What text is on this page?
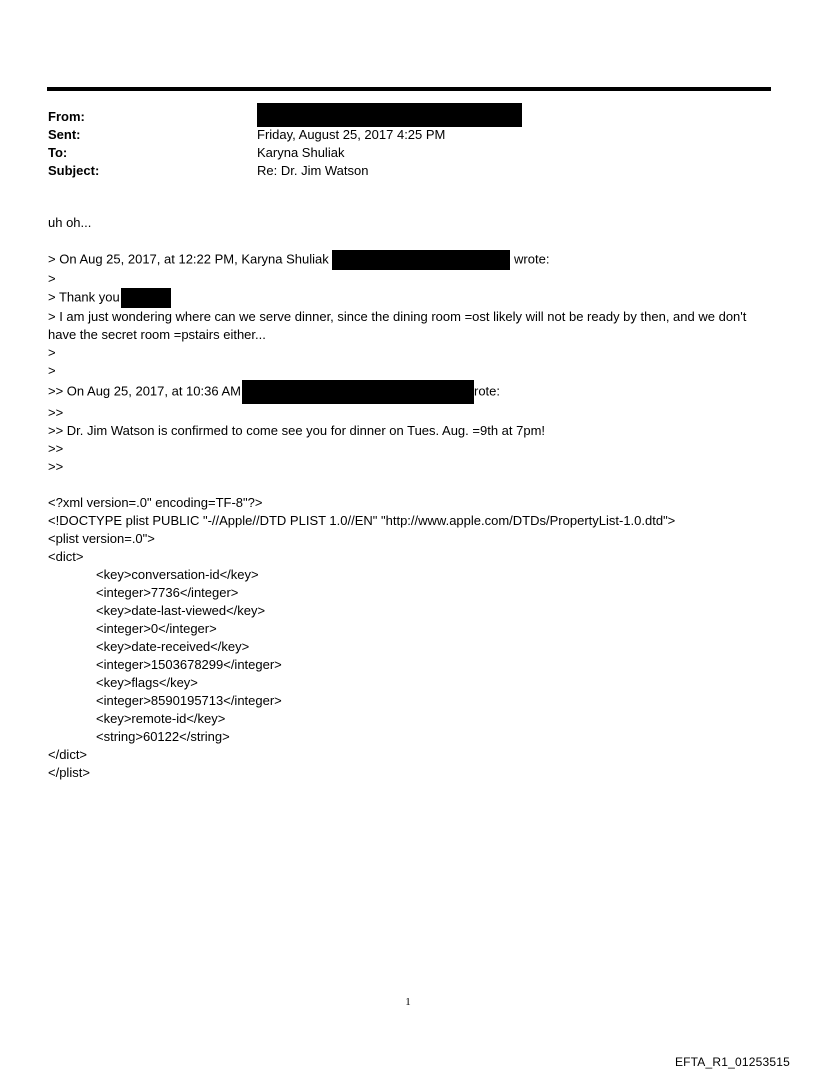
From:
Sent:	Friday, August 25, 2017 4:25 PM
To:	Karyna Shuliak
Subject:	Re: Dr. Jim Watson
uh oh...
> On Aug 25, 2017, at 12:22 PM, Karyna Shuliak	wrote:
>
> Thank you
> I am just wondering where can we serve dinner, since the dining room =ost likely will not be ready by then, and we don't have the secret room =pstairs either...
>
>
>> On Aug 25, 2017, at 10:36 AM	rote:
>>
>> Dr. Jim Watson is confirmed to come see you for dinner on Tues. Aug. =9th at 7pm!
>>
>>
<?xml version=.0" encoding=TF-8"?>
<!DOCTYPE plist PUBLIC "-//Apple//DTD PLIST 1.0//EN" "http://www.apple.com/DTDs/PropertyList-1.0.dtd">
<plist version=.0">
<dict>
<key>conversation-id</key>
<integer>7736</integer>
<key>date-last-viewed</key>
<integer>0</integer>
<key>date-received</key>
<integer>1503678299</integer>
<key>flags</key>
<integer>8590195713</integer>
<key>remote-id</key>
<string>60122</string>
</dict>
</plist>
1
EFTA_R1_01253515
